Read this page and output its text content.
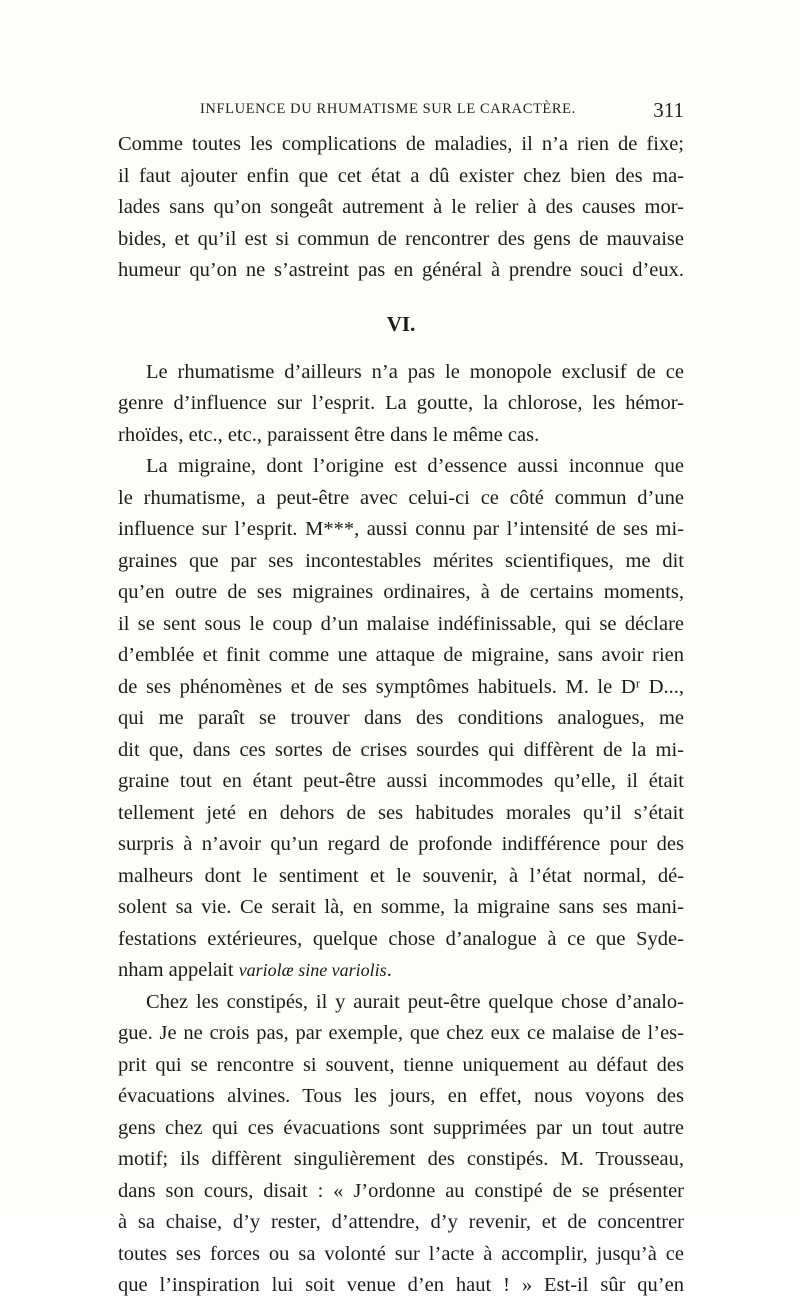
INFLUENCE DU RHUMATISME SUR LE CARACTÈRE.	311
Comme toutes les complications de maladies, il n’a rien de fixe;
il faut ajouter enfin que cet état a dû exister chez bien des ma-
lades sans qu’on songeât autrement à le relier à des causes mor-
bides, et qu’il est si commun de rencontrer des gens de mauvaise
humeur qu’on ne s’astreint pas en général à prendre souci d’eux.
VI.
Le rhumatisme d’ailleurs n’a pas le monopole exclusif de ce
genre d’influence sur l’esprit. La goutte, la chlorose, les hémor-
rhoïdes, etc., etc., paraissent être dans le même cas.
La migraine, dont l’origine est d’essence aussi inconnue que
le rhumatisme, a peut-être avec celui-ci ce côté commun d’une
influence sur l’esprit. M***, aussi connu par l’intensité de ses mi-
graines que par ses incontestables mérites scientifiques, me dit
qu’en outre de ses migraines ordinaires, à de certains moments,
il se sent sous le coup d’un malaise indéfinissable, qui se déclare
d’emblée et finit comme une attaque de migraine, sans avoir rien
de ses phénomènes et de ses symptômes habituels. M. le Dʳ D...,
qui me paraît se trouver dans des conditions analogues, me
dit que, dans ces sortes de crises sourdes qui diffèrent de la mi-
graine tout en étant peut-être aussi incommodes qu’elle, il était
tellement jeté en dehors de ses habitudes morales qu’il s’était
surpris à n’avoir qu’un regard de profonde indifférence pour des
malheurs dont le sentiment et le souvenir, à l’état normal, dé-
solent sa vie. Ce serait là, en somme, la migraine sans ses mani-
festations extérieures, quelque chose d’analogue à ce que Syde-
nham appelait variolæ sine variolis.
Chez les constipés, il y aurait peut-être quelque chose d’analo-
gue. Je ne crois pas, par exemple, que chez eux ce malaise de l’es-
prit qui se rencontre si souvent, tienne uniquement au défaut des
évacuations alvines. Tous les jours, en effet, nous voyons des
gens chez qui ces évacuations sont supprimées par un tout autre
motif; ils diffèrent singulièrement des constipés. M. Trousseau,
dans son cours, disait : « J’ordonne au constipé de se présenter
à sa chaise, d’y rester, d’attendre, d’y revenir, et de concentrer
toutes ses forces ou sa volonté sur l’acte à accomplir, jusqu’à ce
que l’inspiration lui soit venue d’en haut ! » Est-il sûr qu’en
